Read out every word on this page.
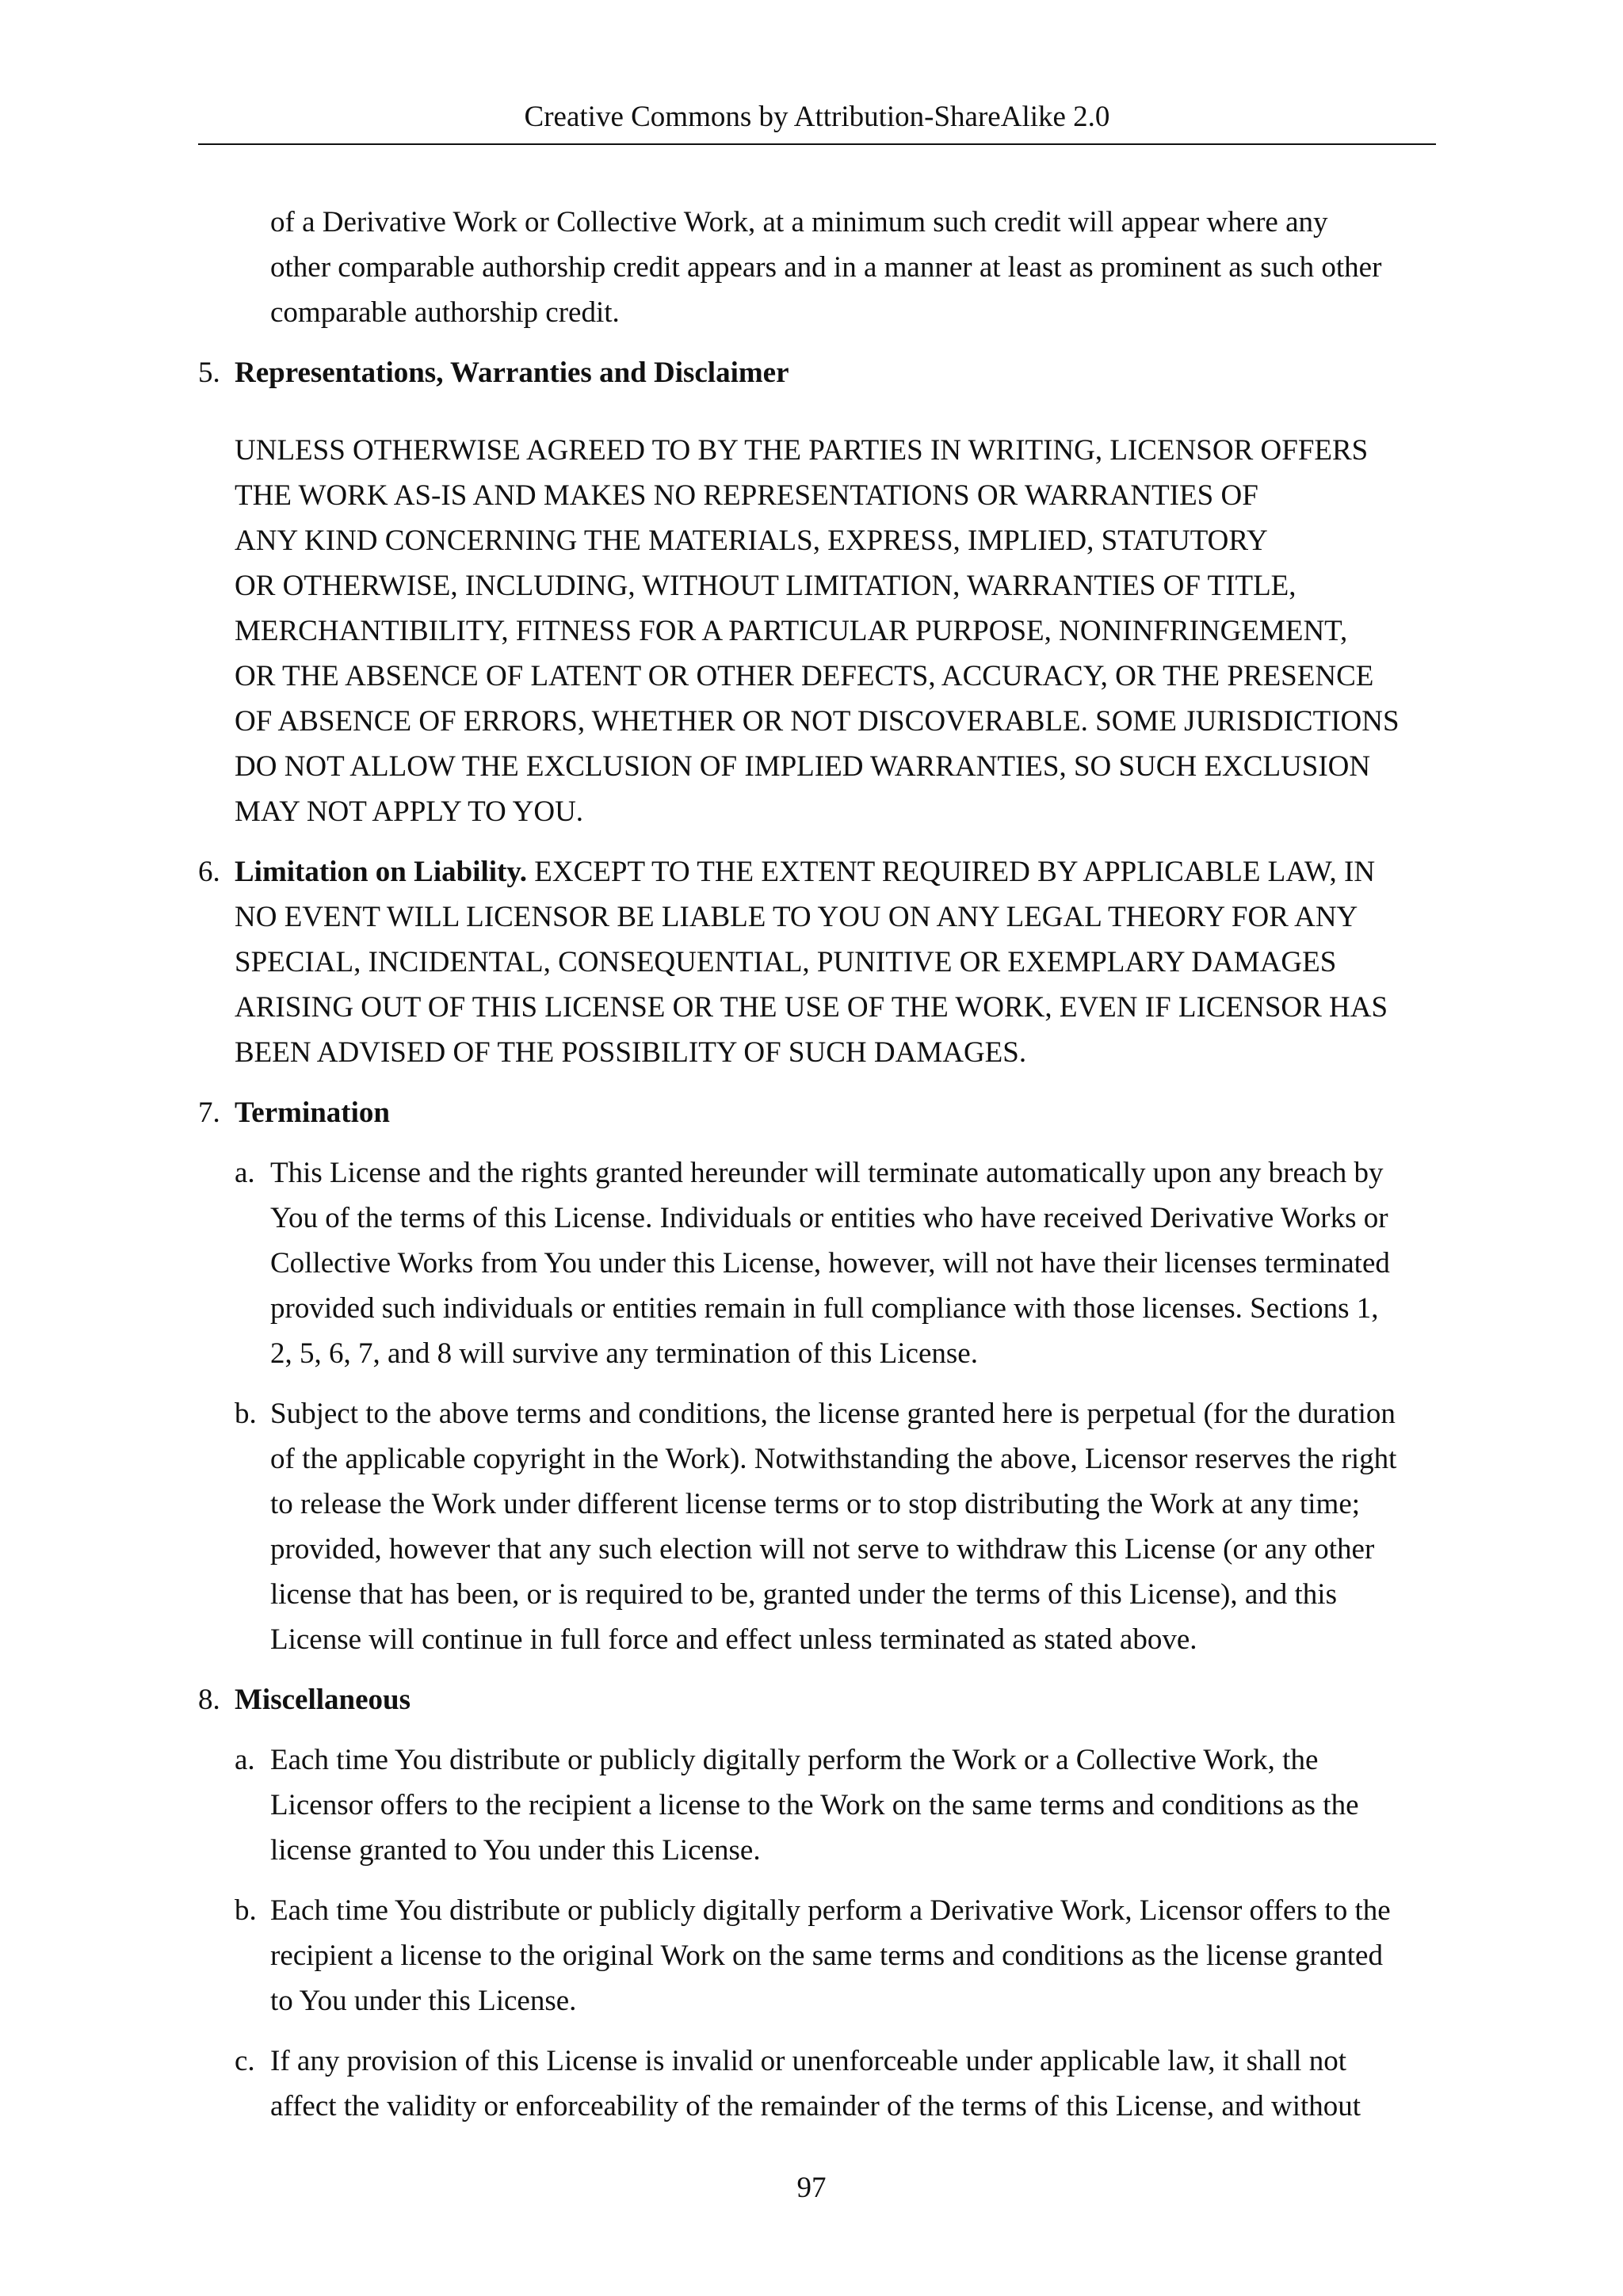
Creative Commons by Attribution-ShareAlike 2.0
of a Derivative Work or Collective Work, at a minimum such credit will appear where any
other comparable authorship credit appears and in a manner at least as prominent as such other
comparable authorship credit.
5. Representations, Warranties and Disclaimer
UNLESS OTHERWISE AGREED TO BY THE PARTIES IN WRITING, LICENSOR OFFERS
THE WORK AS-IS AND MAKES NO REPRESENTATIONS OR WARRANTIES OF
ANY KIND CONCERNING THE MATERIALS, EXPRESS, IMPLIED, STATUTORY
OR OTHERWISE, INCLUDING, WITHOUT LIMITATION, WARRANTIES OF TITLE,
MERCHANTIBILITY, FITNESS FOR A PARTICULAR PURPOSE, NONINFRINGEMENT,
OR THE ABSENCE OF LATENT OR OTHER DEFECTS, ACCURACY, OR THE PRESENCE
OF ABSENCE OF ERRORS, WHETHER OR NOT DISCOVERABLE. SOME JURISDICTIONS
DO NOT ALLOW THE EXCLUSION OF IMPLIED WARRANTIES, SO SUCH EXCLUSION
MAY NOT APPLY TO YOU.
6. Limitation on Liability. EXCEPT TO THE EXTENT REQUIRED BY APPLICABLE LAW, IN
NO EVENT WILL LICENSOR BE LIABLE TO YOU ON ANY LEGAL THEORY FOR ANY
SPECIAL, INCIDENTAL, CONSEQUENTIAL, PUNITIVE OR EXEMPLARY DAMAGES
ARISING OUT OF THIS LICENSE OR THE USE OF THE WORK, EVEN IF LICENSOR HAS
BEEN ADVISED OF THE POSSIBILITY OF SUCH DAMAGES.
7. Termination
a. This License and the rights granted hereunder will terminate automatically upon any breach by
You of the terms of this License. Individuals or entities who have received Derivative Works or
Collective Works from You under this License, however, will not have their licenses terminated
provided such individuals or entities remain in full compliance with those licenses. Sections 1,
2, 5, 6, 7, and 8 will survive any termination of this License.
b. Subject to the above terms and conditions, the license granted here is perpetual (for the duration
of the applicable copyright in the Work). Notwithstanding the above, Licensor reserves the right
to release the Work under different license terms or to stop distributing the Work at any time;
provided, however that any such election will not serve to withdraw this License (or any other
license that has been, or is required to be, granted under the terms of this License), and this
License will continue in full force and effect unless terminated as stated above.
8. Miscellaneous
a. Each time You distribute or publicly digitally perform the Work or a Collective Work, the
Licensor offers to the recipient a license to the Work on the same terms and conditions as the
license granted to You under this License.
b. Each time You distribute or publicly digitally perform a Derivative Work, Licensor offers to the
recipient a license to the original Work on the same terms and conditions as the license granted
to You under this License.
c. If any provision of this License is invalid or unenforceable under applicable law, it shall not
affect the validity or enforceability of the remainder of the terms of this License, and without
97
